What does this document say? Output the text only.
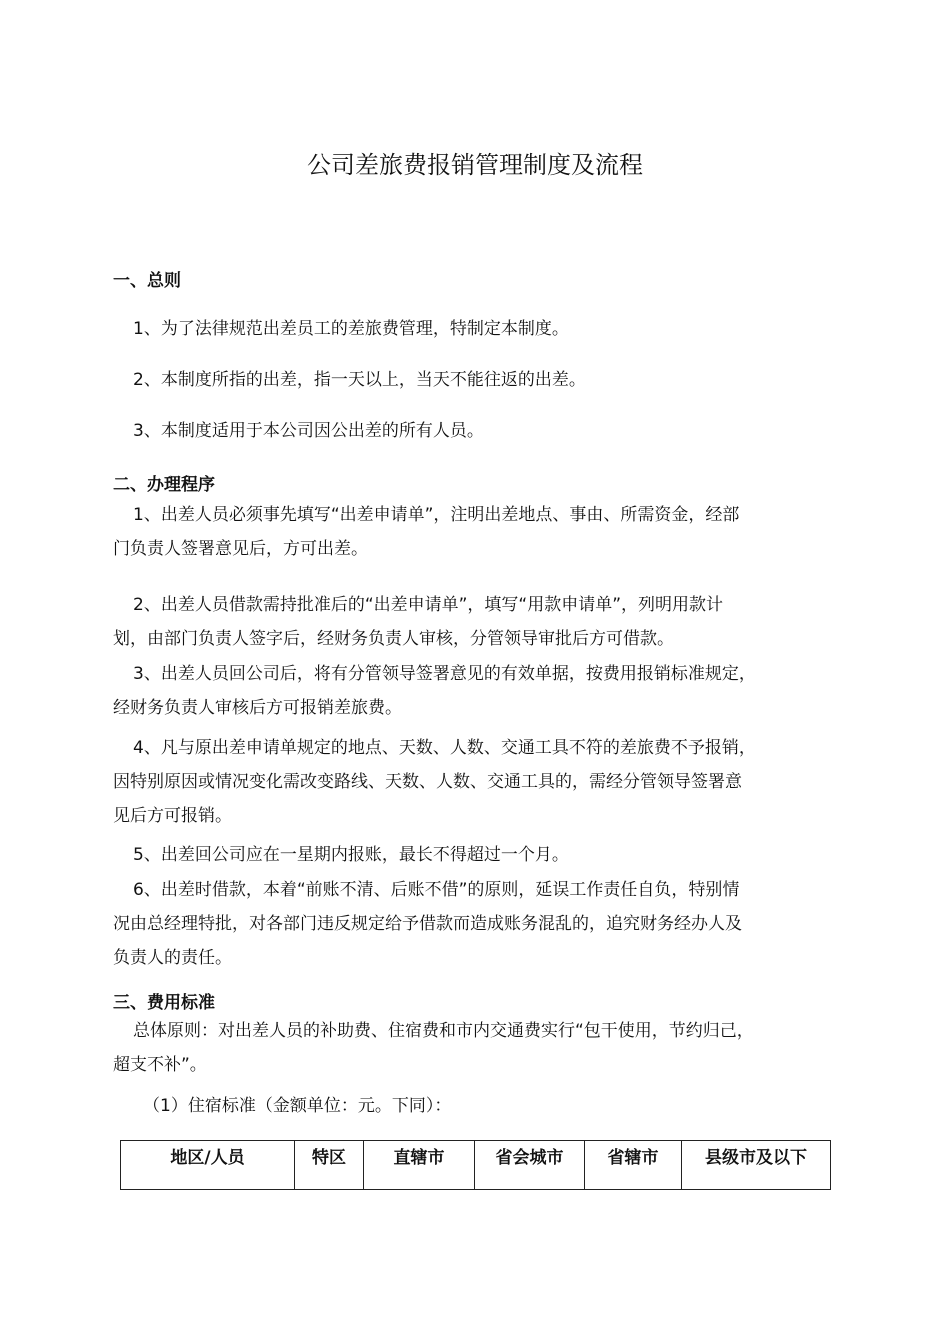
公司差旅费报销管理制度及流程
一、总则
1、为了法律规范出差员工的差旅费管理，特制定本制度。
2、本制度所指的出差，指一天以上，当天不能往返的出差。
3、本制度适用于本公司因公出差的所有人员。
二、办理程序
1、出差人员必须事先填写“出差申请单”，注明出差地点、事由、所需资金，经部
门负责人签署意见后，方可出差。
2、出差人员借款需持批准后的“出差申请单”，填写“用款申请单”，列明用款计
划，由部门负责人签字后，经财务负责人审核，分管领导审批后方可借款。
3、出差人员回公司后，将有分管领导签署意见的有效单据，按费用报销标准规定，
经财务负责人审核后方可报销差旅费。
4、凡与原出差申请单规定的地点、天数、人数、交通工具不符的差旅费不予报销，
因特别原因或情况变化需改变路线、天数、人数、交通工具的，需经分管领导签署意
见后方可报销。
5、出差回公司应在一星期内报账，最长不得超过一个月。
6、出差时借款，本着“前账不清、后账不借”的原则，延误工作责任自负，特别情
况由总经理特批，对各部门违反规定给予借款而造成账务混乱的，追究财务经办人及
负责人的责任。
三、费用标准
总体原则：对出差人员的补助费、住宿费和市内交通费实行“包干使用，节约归己，
超支不补”。
（1）住宿标准（金额单位：元。下同）：
地区/人员	特区	直辖市	省会城市	省辖市	县级市及以下
